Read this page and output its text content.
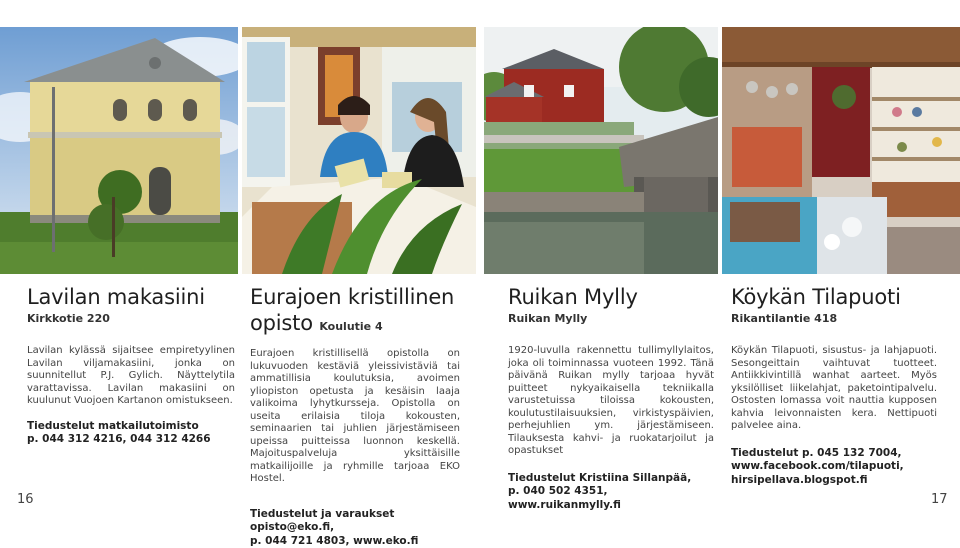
Lavilan makasiini

Kirkkotie 220

Lavilan kylässä sijaitsee empiretyylinen Lavilan viljamakasiini, jonka on suunnitellut P.J. Gylich. Näyttelytila varattavissa. Lavilan makasiini on kuulunut Vuojoen Kartanon omistukseen.

Tiedustelut matkailutoimisto

p. 044 312 4216, 044 312 4266

Eurajoen kristillinen
opisto Koulutie 4

Eurajoen kristillisellä opistolla on lukuvuoden kestäviä yleissivistäviä tai ammatillisia koulutuksia, avoimen yliopiston opetusta ja kesäisin laaja valikoima lyhytkursseja. Opistolla on useita erilaisia tiloja kokousten, seminaarien tai juhlien järjestämiseen upeissa puitteissa luonnon keskellä. Majoituspalveluja yksittäisille matkailijoille ja ryhmille tarjoaa EKO Hostel.

Tiedustelut ja varaukset opisto@eko.fi,

p. 044 721 4803, www.eko.fi

Ruikan Mylly

Ruikan Mylly

1920-luvulla rakennettu tullimyllylaitos, joka oli toiminnassa vuoteen 1992. Tänä päivänä Ruikan mylly tarjoaa hyvät puitteet nykyaikaisella tekniikalla varustetuissa tiloissa kokousten, koulutustilaisuuksien, virkistyspäivien, perhejuhlien ym. järjestämiseen. Tilauksesta kahvi- ja ruokatarjoilut ja opastukset

Tiedustelut Kristiina Sillanpää,

p. 040 502 4351, www.ruikanmylly.fi

Köykän Tilapuoti

Rikantilantie 418

Köykän Tilapuoti, sisustus- ja lahjapuoti. Sesongeittain vaihtuvat tuotteet. Antiikkivintillä wanhat aarteet. Myös yksilölliset liikelahjat, paketointipalvelu. Ostosten lomassa voit nauttia kupposen kahvia leivonnaisten kera. Nettipuoti palvelee aina.

Tiedustelut p. 045 132 7004,

www.facebook.com/tilapuoti,

hirsipellava.blogspot.fi

16	17
